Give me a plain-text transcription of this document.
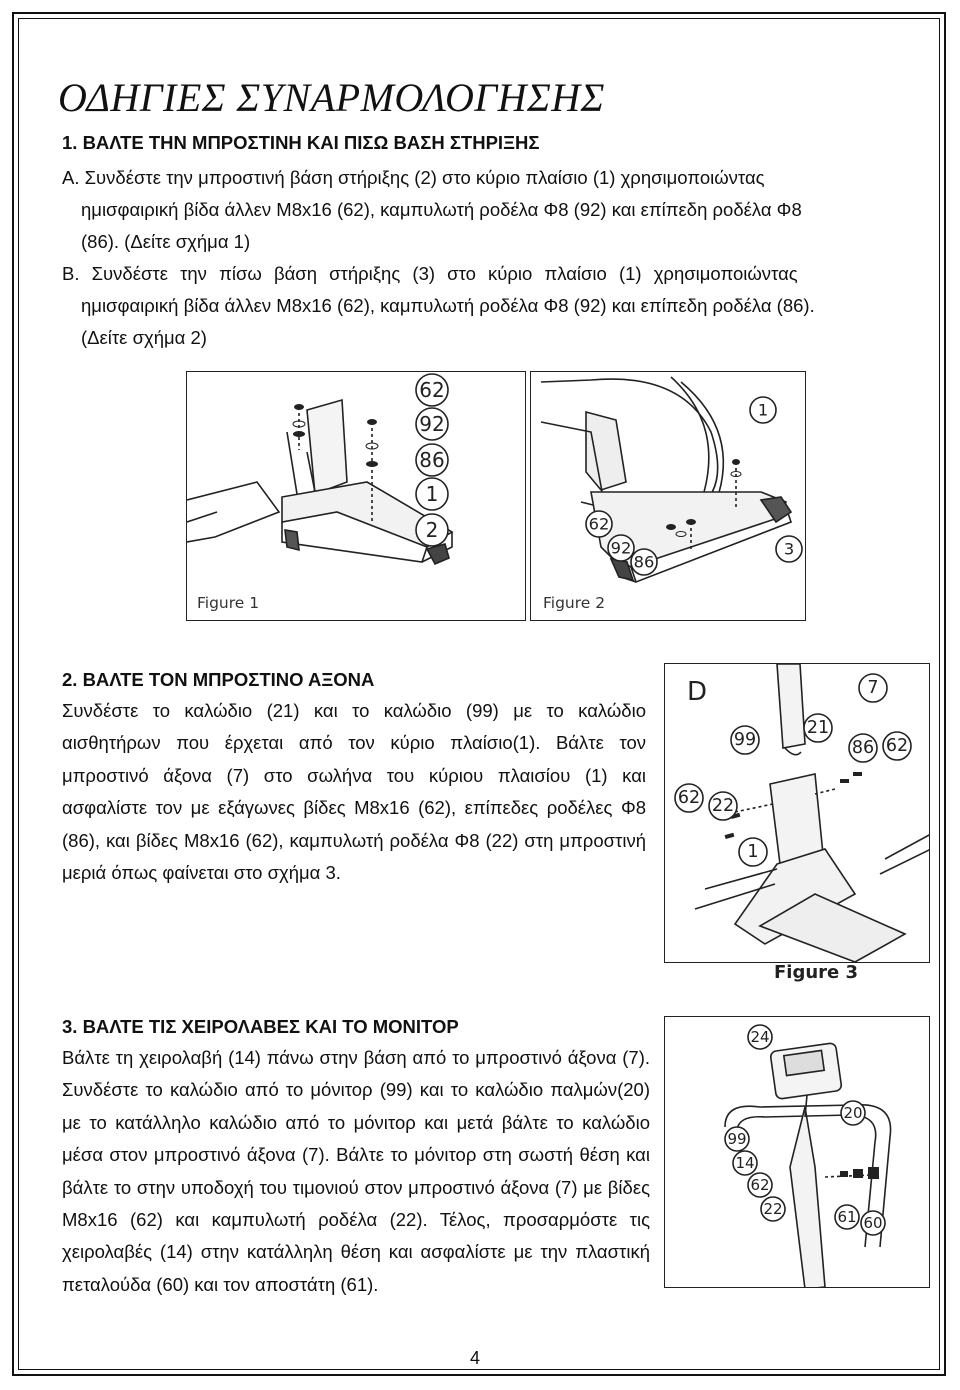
ΟΔΗΓΙΕΣ ΣΥΝΑΡΜΟΛΟΓΗΣΗΣ

1. ΒΑΛΤΕ ΤΗΝ ΜΠΡΟΣΤΙΝΗ ΚΑΙ ΠΙΣΩ ΒΑΣΗ ΣΤΗΡΙΞΗΣ

Α. Συνδέστε την μπροστινή βάση στήριξης (2) στο κύριο πλαίσιο (1) χρησιμοποιώντας

ημισφαιρική βίδα άλλεν Μ8x16 (62), καμπυλωτή ροδέλα Φ8 (92) και επίπεδη ροδέλα Φ8

(86). (Δείτε σχήμα 1)

Β. Συνδέστε την πίσω βάση στήριξης (3) στο κύριο πλαίσιο (1) χρησιμοποιώντας

ημισφαιρική βίδα άλλεν Μ8x16 (62), καμπυλωτή ροδέλα Φ8 (92) και επίπεδη ροδέλα (86).

(Δείτε σχήμα 2)

62
92
86
1
2
Figure 1
1
62
92
86
3
Figure 2

2. ΒΑΛΤΕ ΤΟΝ ΜΠΡΟΣΤΙΝΟ ΑΞΟΝΑ

Συνδέστε το καλώδιο (21) και το καλώδιο (99) με το καλώδιο αισθητήρων που έρχεται από τον κύριο πλαίσιο(1). Βάλτε τον μπροστινό άξονα (7) στο σωλήνα του κύριου πλαισίου (1) και ασφαλίστε τον με εξάγωνες βίδες Μ8x16 (62), επίπεδες ροδέλες Φ8 (86), και βίδες Μ8x16 (62), καμπυλωτή ροδέλα Φ8 (22) στη μπροστινή μεριά όπως φαίνεται στο σχήμα 3.

D	7
99
21
86 62
62 22
1
Figure 3

3. ΒΑΛΤΕ ΤΙΣ ΧΕΙΡΟΛΑΒΕΣ ΚΑΙ ΤΟ ΜΟΝΙΤΟΡ

Βάλτε τη χειρολαβή (14) πάνω στην βάση από το μπροστινό άξονα (7). Συνδέστε το καλώδιο από το μόνιτορ (99) και το καλώδιο παλμών(20) με το κατάλληλο καλώδιο από το μόνιτορ και μετά βάλτε το καλώδιο μέσα στον μπροστινό άξονα (7). Βάλτε το μόνιτορ στη σωστή θέση και βάλτε το στην υποδοχή του τιμονιού στον μπροστινό άξονα (7) με βίδες Μ8x16 (62) και καμπυλωτή ροδέλα (22). Τέλος, προσαρμόστε τις χειρολαβές (14) στην κατάλληλη θέση και ασφαλίστε με την πλαστική πεταλούδα (60) και τον αποστάτη (61).

24
20
99
14
62
22	61 60
4
